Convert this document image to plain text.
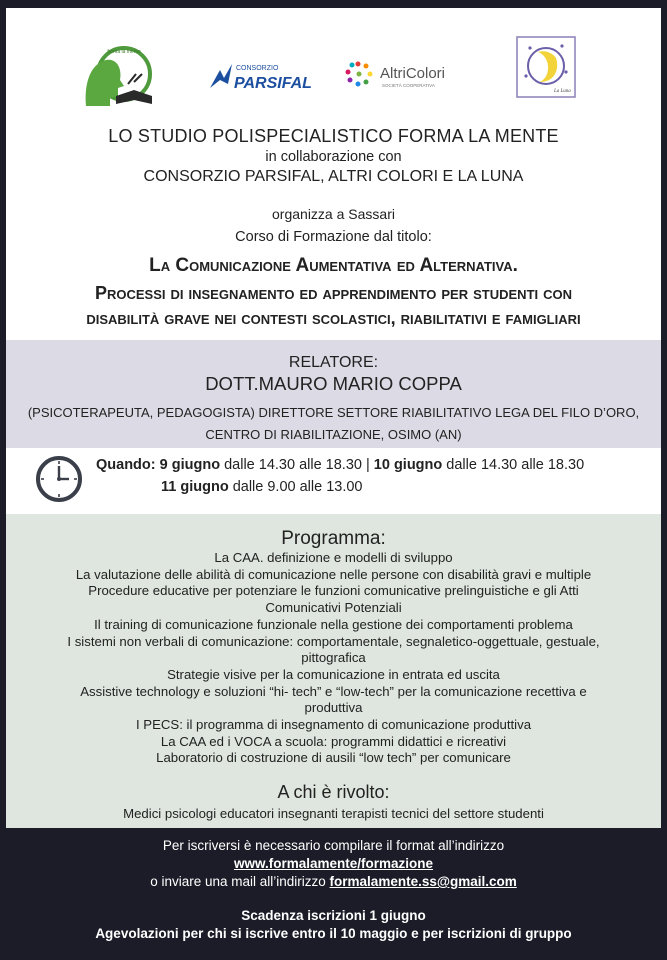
forma la mente
CONSORZIO
PARSIFAL
AltriColori
SOCIETÀ COOPERATIVA
La Luna
LO STUDIO POLISPECIALISTICO FORMA LA MENTE
in collaborazione con
CONSORZIO PARSIFAL, ALTRI COLORI E LA LUNA
organizza a Sassari
Corso di Formazione dal titolo:
La Comunicazione Aumentativa ed Alternativa.
Processi di insegnamento ed apprendimento per studenti con
disabilità grave nei contesti scolastici, riabilitativi e famigliari
RELATORE:
DOTT.MAURO MARIO COPPA
(PSICOTERAPEUTA, PEDAGOGISTA) DIRETTORE SETTORE RIABILITATIVO LEGA DEL FILO D’ORO,
CENTRO DI RIABILITAZIONE, OSIMO (AN)
Quando: 9 giugno dalle 14.30 alle 18.30 | 10 giugno dalle 14.30 alle 18.30
11 giugno dalle 9.00 alle 13.00
Programma:
La CAA. definizione e modelli di sviluppo
La valutazione delle abilità di comunicazione nelle persone con disabilità gravi e multiple
Procedure educative per potenziare le funzioni comunicative prelinguistiche e gli Atti
Comunicativi Potenziali
Il training di comunicazione funzionale nella gestione dei comportamenti problema
I sistemi non verbali di comunicazione: comportamentale, segnaletico-oggettuale, gestuale,
pittografica
Strategie visive per la comunicazione in entrata ed uscita
Assistive technology e soluzioni “hi- tech” e “low-tech” per la comunicazione recettiva e
produttiva
I PECS: il programma di insegnamento di comunicazione produttiva
La CAA ed i VOCA a scuola: programmi didattici e ricreativi
Laboratorio di costruzione di ausili “low tech” per comunicare
A chi è rivolto:
Medici psicologi educatori insegnanti terapisti tecnici del settore studenti
Per iscriversi è necessario compilare il format all’indirizzo
www.formalamente/formazione
o inviare una mail all’indirizzo formalamente.ss@gmail.com
Scadenza iscrizioni 1 giugno
Agevolazioni per chi si iscrive entro il 10 maggio e per iscrizioni di gruppo
